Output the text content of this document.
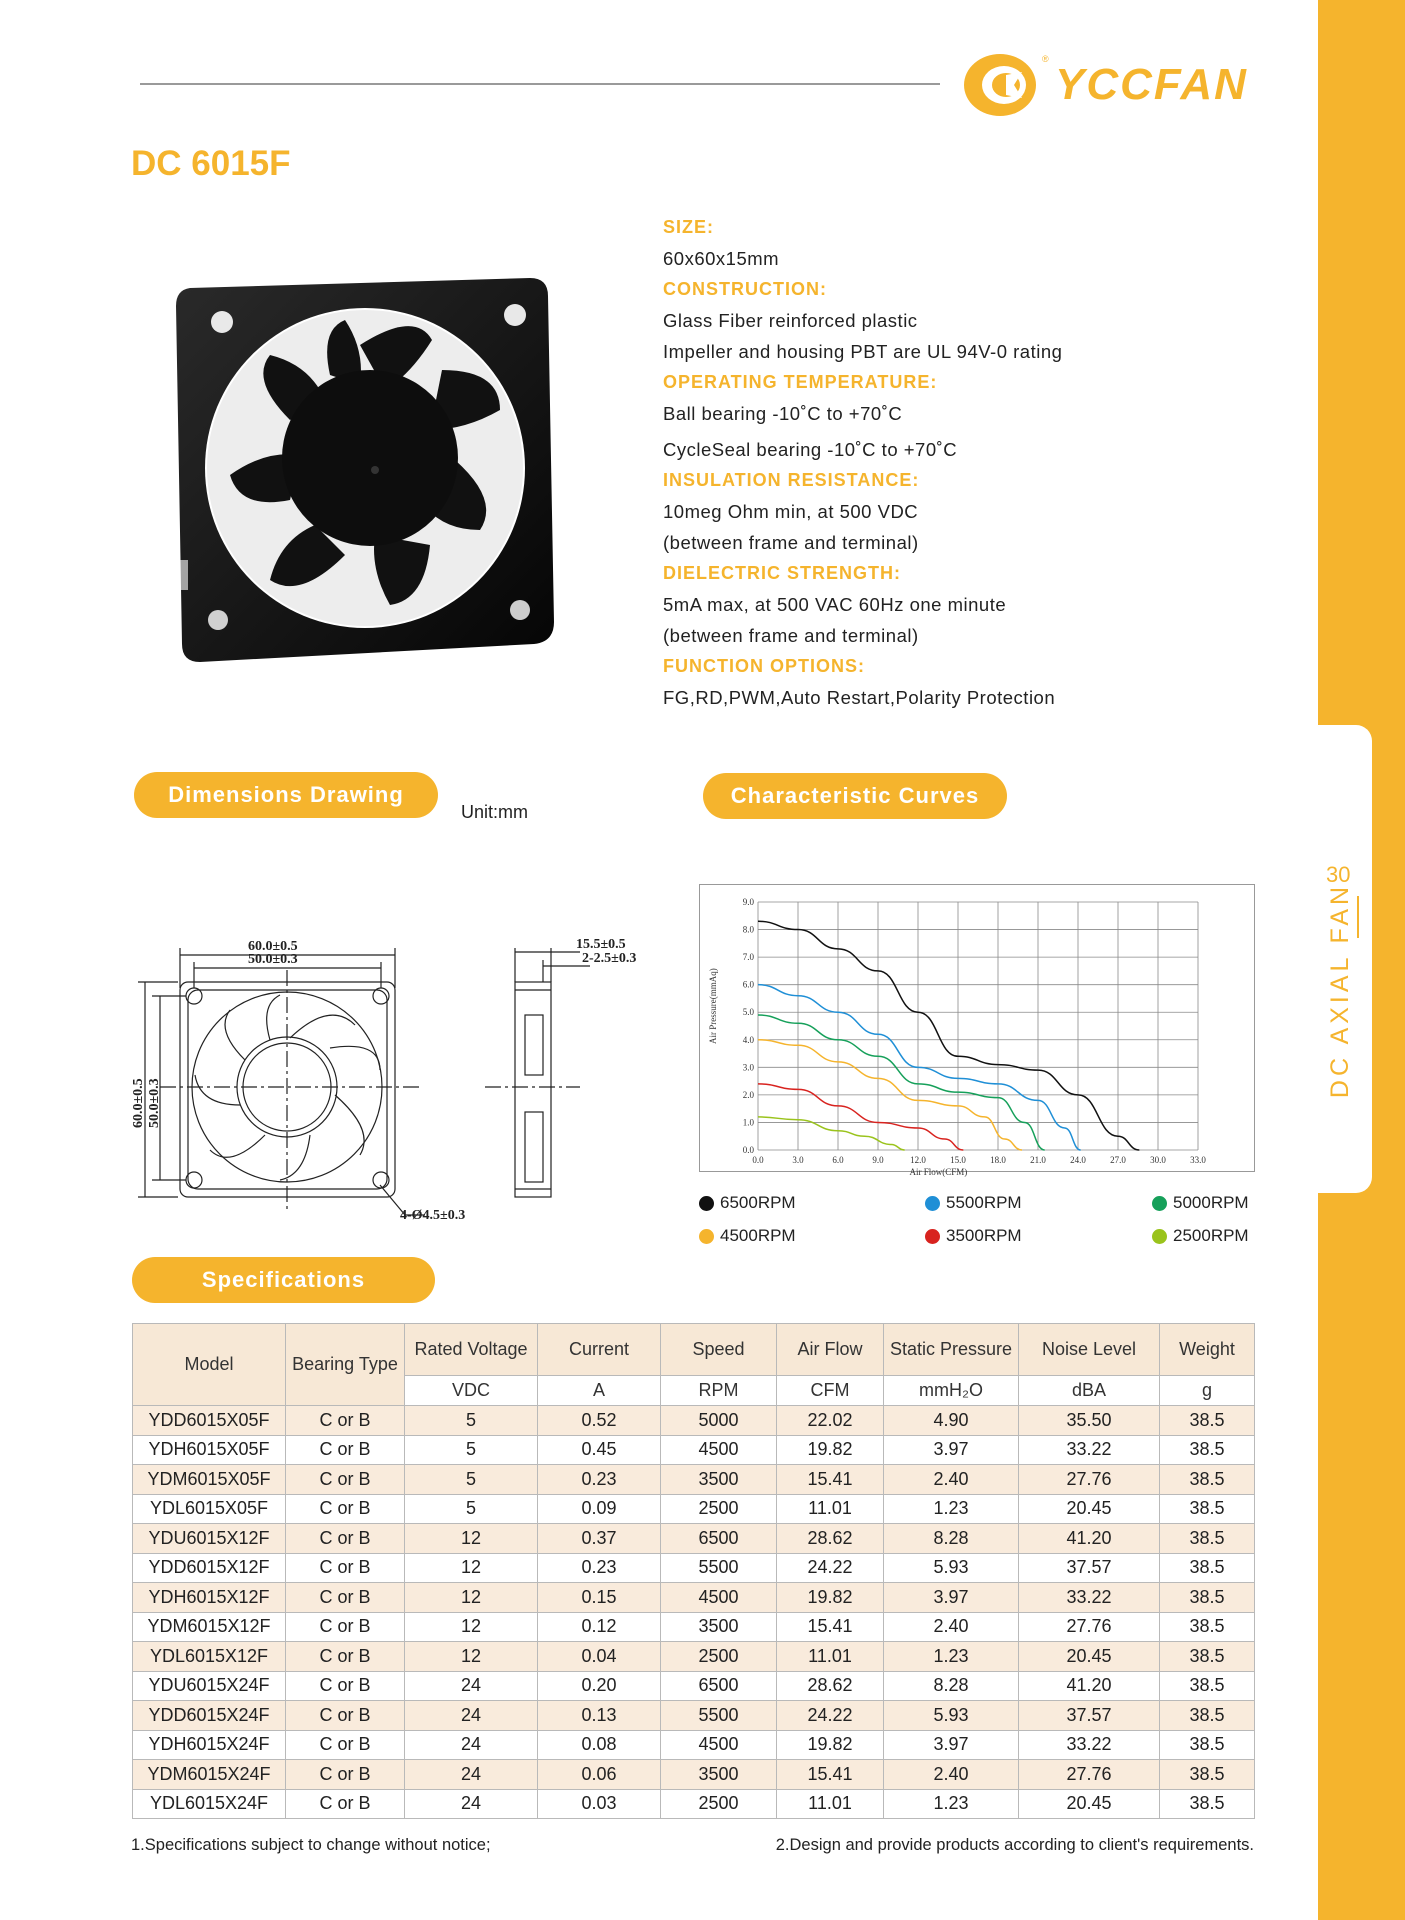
30
DC AXIAL FAN
®
YCCFAN
DC 6015F
SIZE:
60x60x15mm
CONSTRUCTION:
Glass Fiber reinforced plastic
Impeller and housing PBT are UL 94V-0 rating
OPERATING TEMPERATURE:
Ball bearing -10˚C to +70˚C
CycleSeal bearing -10˚C to +70˚C
INSULATION RESISTANCE:
10meg Ohm min, at 500 VDC
(between frame and terminal)
DIELECTRIC STRENGTH:
5mA max, at 500 VAC 60Hz one minute
(between frame and terminal)
FUNCTION OPTIONS:
FG,RD,PWM,Auto Restart,Polarity Protection
Dimensions Drawing
Unit:mm
Characteristic Curves
60.0±0.5
50.0±0.3
60.0±0.5 50.0±0.3
15.5±0.5
2-2.5±0.3
4-Ø4.5±0.3
0.0	3.0	6.0	9.0	12.0	15.0	18.0	21.0	24.0	27.0	30.0	33.0
0.0
1.0
2.0
3.0
4.0
5.0
6.0
7.0
8.0
9.0
Air Flow(CFM)
Air Pressure(mmAq)
6500RPM	5500RPM	5000RPM
4500RPM	3500RPM	2500RPM
Specifications
Model	Bearing Type	Rated Voltage	Current	Speed	Air Flow	Static Pressure	Noise Level	Weight
		VDC	A	RPM	CFM	mmH₂O	dBA	g
YDD6015X05F	C or B	5	0.52	5000	22.02	4.90	35.50	38.5
YDH6015X05F	C or B	5	0.45	4500	19.82	3.97	33.22	38.5
YDM6015X05F	C or B	5	0.23	3500	15.41	2.40	27.76	38.5
YDL6015X05F	C or B	5	0.09	2500	11.01	1.23	20.45	38.5
YDU6015X12F	C or B	12	0.37	6500	28.62	8.28	41.20	38.5
YDD6015X12F	C or B	12	0.23	5500	24.22	5.93	37.57	38.5
YDH6015X12F	C or B	12	0.15	4500	19.82	3.97	33.22	38.5
YDM6015X12F	C or B	12	0.12	3500	15.41	2.40	27.76	38.5
YDL6015X12F	C or B	12	0.04	2500	11.01	1.23	20.45	38.5
YDU6015X24F	C or B	24	0.20	6500	28.62	8.28	41.20	38.5
YDD6015X24F	C or B	24	0.13	5500	24.22	5.93	37.57	38.5
YDH6015X24F	C or B	24	0.08	4500	19.82	3.97	33.22	38.5
YDM6015X24F	C or B	24	0.06	3500	15.41	2.40	27.76	38.5
YDL6015X24F	C or B	24	0.03	2500	11.01	1.23	20.45	38.5
1.Specifications subject to change without notice;	2.Design and provide products according to client's requirements.
